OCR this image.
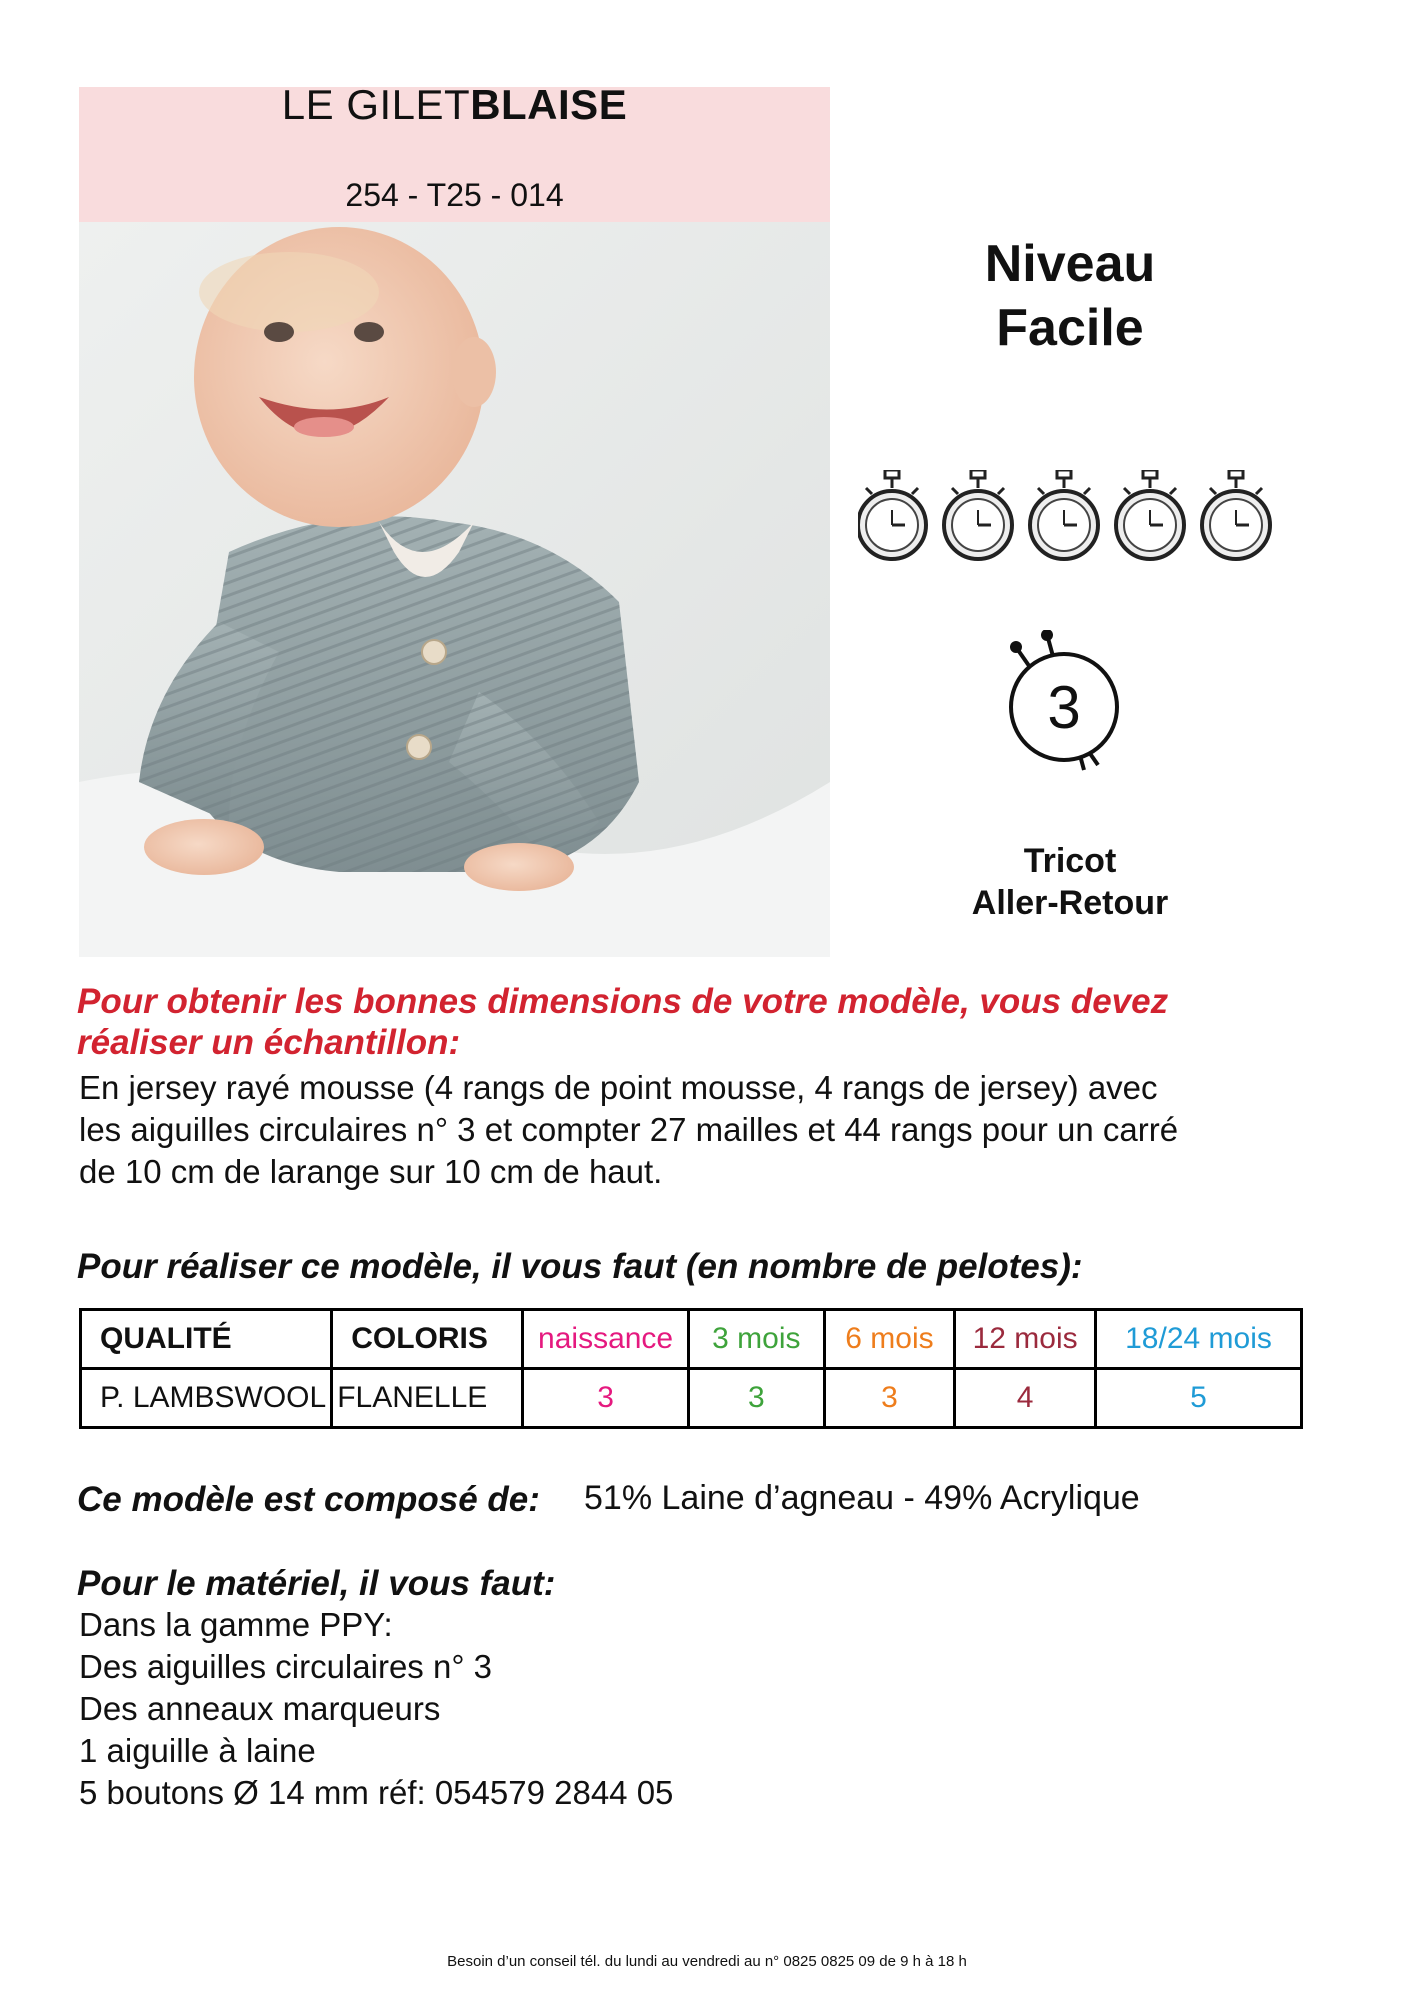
LE GILETBLAISE
254 - T25 - 014
Niveau
Facile
3
Tricot
Aller-Retour
Pour obtenir les bonnes dimensions de votre modèle, vous devez
réaliser un échantillon:
En jersey rayé mousse (4 rangs de point mousse, 4 rangs de jersey) avec
les aiguilles circulaires n° 3 et compter 27 mailles et 44 rangs pour un carré
de 10 cm de larange sur 10 cm de haut.
Pour réaliser ce modèle, il vous faut (en nombre de pelotes):
QUALITÉ	COLORIS	naissance	3 mois	6 mois	12 mois	18/24 mois
P. LAMBSWOOL	FLANELLE	3	3	3	4	5
Ce modèle est composé de: 51% Laine d’agneau - 49% Acrylique
Pour le matériel, il vous faut:
Dans la gamme PPY:
Des aiguilles circulaires n° 3
Des anneaux marqueurs
1 aiguille à laine
5 boutons Ø 14 mm réf: 054579 2844 05
Besoin d’un conseil tél. du lundi au vendredi au n° 0825 0825 09 de 9 h à 18 h
